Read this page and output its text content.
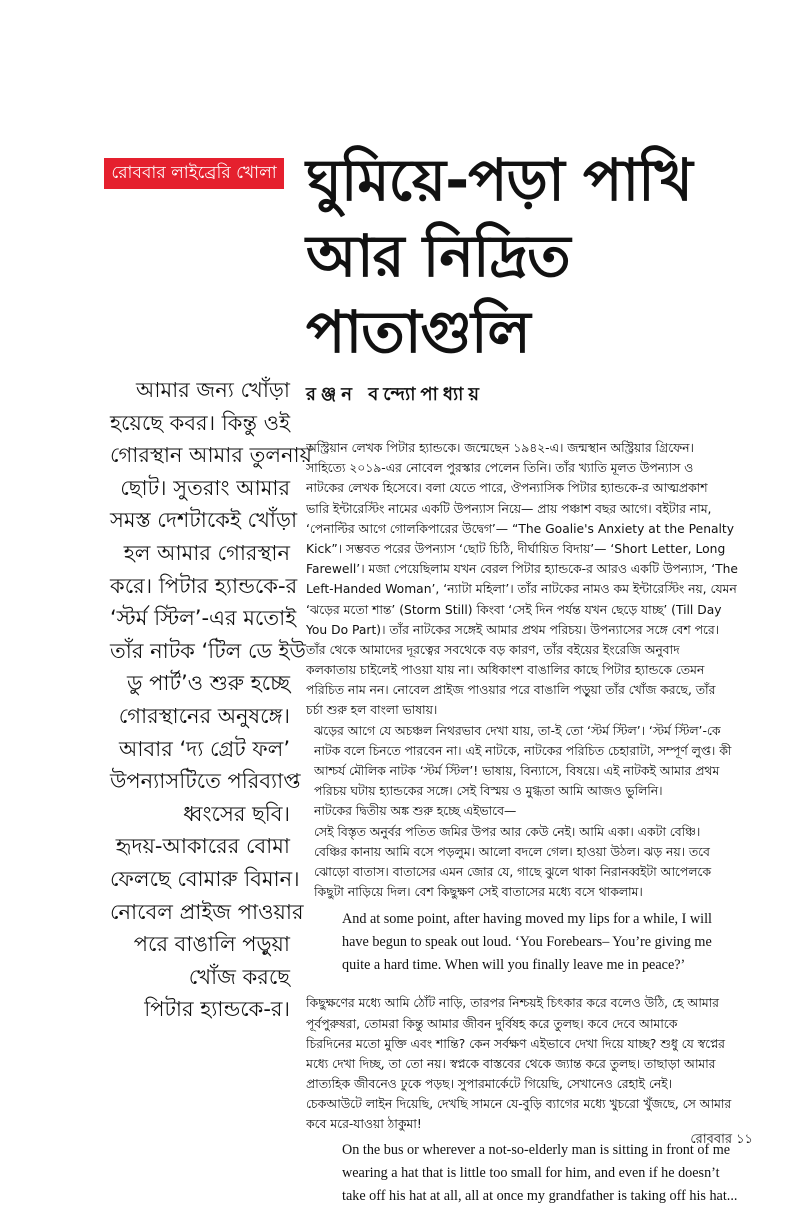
রোববার লাইব্রেরি খোলা ঘুমিয়ে-পড়া পাখি
আর নিদ্রিত
পাতাগুলি
রঞ্জন বন্দ্যোপাধ্যায়
আমার জন্য খোঁড়া
হয়েছে কবর। কিন্তু ওই
গোরস্থান আমার তুলনায়
ছোট। সুতরাং আমার
সমস্ত দেশটাকেই খোঁড়া
হল আমার গোরস্থান
করে। পিটার হ্যান্ডকে-র
‘স্টর্ম স্টিল’-এর মতোই
তাঁর নাটক ‘টিল ডে ইউ
ডু পার্ট’ও শুরু হচ্ছে
গোরস্থানের অনুষঙ্গে।
আবার ‘দ্য গ্রেট ফল’
উপন্যাসটিতে পরিব্যাপ্ত
ধ্বংসের ছবি।
হৃদয়-আকারের বোমা
ফেলছে বোমারু বিমান।
নোবেল প্রাইজ পাওয়ার
পরে বাঙালি পড়ুয়া
খোঁজ করছে
পিটার হ্যান্ডকে-র।
অস্ট্রিয়ান লেখক পিটার হ্যান্ডকে। জন্মেছেন ১৯৪২-এ। জন্মস্থান অস্ট্রিয়ার গ্রিফেন।
সাহিত্যে ২০১৯-এর নোবেল পুরস্কার পেলেন তিনি। তাঁর খ্যাতি মূলত উপন্যাস ও
নাটকের লেখক হিসেবে। বলা যেতে পারে, ঔপন্যাসিক পিটার হ্যান্ডকে-র আত্মপ্রকাশ
ভারি ইন্টারেস্টিং নামের একটি উপন্যাস নিয়ে— প্রায় পঞ্চাশ বছর আগে। বইটার নাম,
‘পেনাল্টির আগে গোলকিপারের উদ্বেগ’— “The Goalie's Anxiety at the Penalty
Kick”। সম্ভবত পরের উপন্যাস ‘ছোট চিঠি, দীর্ঘায়িত বিদায়’— ‘Short Letter, Long
Farewell’। মজা পেয়েছিলাম যখন বেরল পিটার হ্যান্ডকে-র আরও একটি উপন্যাস, ‘The
Left-Handed Woman’, ‘ন্যাটা মহিলা’। তাঁর নাটকের নামও কম ইন্টারেস্টিং নয়, যেমন
‘ঝড়ের মতো শান্ত’ (Storm Still) কিংবা ‘সেই দিন পর্যন্ত যখন ছেড়ে যাচ্ছ’ (Till Day
You Do Part)। তাঁর নাটকের সঙ্গেই আমার প্রথম পরিচয়। উপন্যাসের সঙ্গে বেশ পরে।
তাঁর থেকে আমাদের দূরত্বের সবথেকে বড় কারণ, তাঁর বইয়ের ইংরেজি অনুবাদ
কলকাতায় চাইলেই পাওয়া যায় না। অধিকাংশ বাঙালির কাছে পিটার হ্যান্ডকে তেমন
পরিচিত নাম নন। নোবেল প্রাইজ পাওয়ার পরে বাঙালি পড়ুয়া তাঁর খোঁজ করছে, তাঁর
চর্চা শুরু হল বাংলা ভাষায়।
ঝড়ের আগে যে অচঞ্চল নিথরভাব দেখা যায়, তা-ই তো ‘স্টর্ম স্টিল’। ‘স্টর্ম স্টিল’-কে
নাটক বলে চিনতে পারবেন না। এই নাটকে, নাটকের পরিচিত চেহারাটা, সম্পূর্ণ লুপ্ত। কী
আশ্চর্য মৌলিক নাটক ‘স্টর্ম স্টিল’! ভাষায়, বিন্যাসে, বিষয়ে। এই নাটকই আমার প্রথম
পরিচয় ঘটায় হ্যান্ডকের সঙ্গে। সেই বিস্ময় ও মুগ্ধতা আমি আজও ভুলিনি।
নাটকের দ্বিতীয় অঙ্ক শুরু হচ্ছে এইভাবে—
সেই বিস্তৃত অনুর্বর পতিত জমির উপর আর কেউ নেই। আমি একা। একটা বেঞ্চি।
বেঞ্চির কানায় আমি বসে পড়লুম। আলো বদলে গেল। হাওয়া উঠল। ঝড় নয়। তবে
ঝোড়ো বাতাস। বাতাসের এমন জোর যে, গাছে ঝুলে থাকা নিরানব্বইটা আপেলকে
কিছুটা নাড়িয়ে দিল। বেশ কিছুক্ষণ সেই বাতাসের মধ্যে বসে থাকলাম।
And at some point, after having moved my lips for a while, I will
have begun to speak out loud. ‘You Forebears– You’re giving me
quite a hard time. When will you finally leave me in peace?’
কিছুক্ষণের মধ্যে আমি ঠোঁট নাড়ি, তারপর নিশ্চয়ই চিৎকার করে বলেও উঠি, হে আমার
পূর্বপুরুষরা, তোমরা কিন্তু আমার জীবন দুর্বিষহ করে তুলছ। কবে দেবে আমাকে
চিরদিনের মতো মুক্তি এবং শান্তি? কেন সর্বক্ষণ এইভাবে দেখা দিয়ে যাচ্ছ? শুধু যে স্বপ্নের
মধ্যে দেখা দিচ্ছ, তা তো নয়। স্বপ্নকে বাস্তবের থেকে জ্যান্ত করে তুলছ। তাছাড়া আমার
প্রাত্যহিক জীবনেও ঢুকে পড়ছ। সুপারমার্কেটে গিয়েছি, সেখানেও রেহাই নেই।
চেকআউটে লাইন দিয়েছি, দেখছি সামনে যে-বুড়ি ব্যাগের মধ্যে খুচরো খুঁজছে, সে আমার
কবে মরে-যাওয়া ঠাকুমা!
On the bus or wherever a not-so-elderly man is sitting in front of me
wearing a hat that is little too small for him, and even if he doesn’t
take off his hat at all, all at once my grandfather is taking off his hat...
রোববার ১১
